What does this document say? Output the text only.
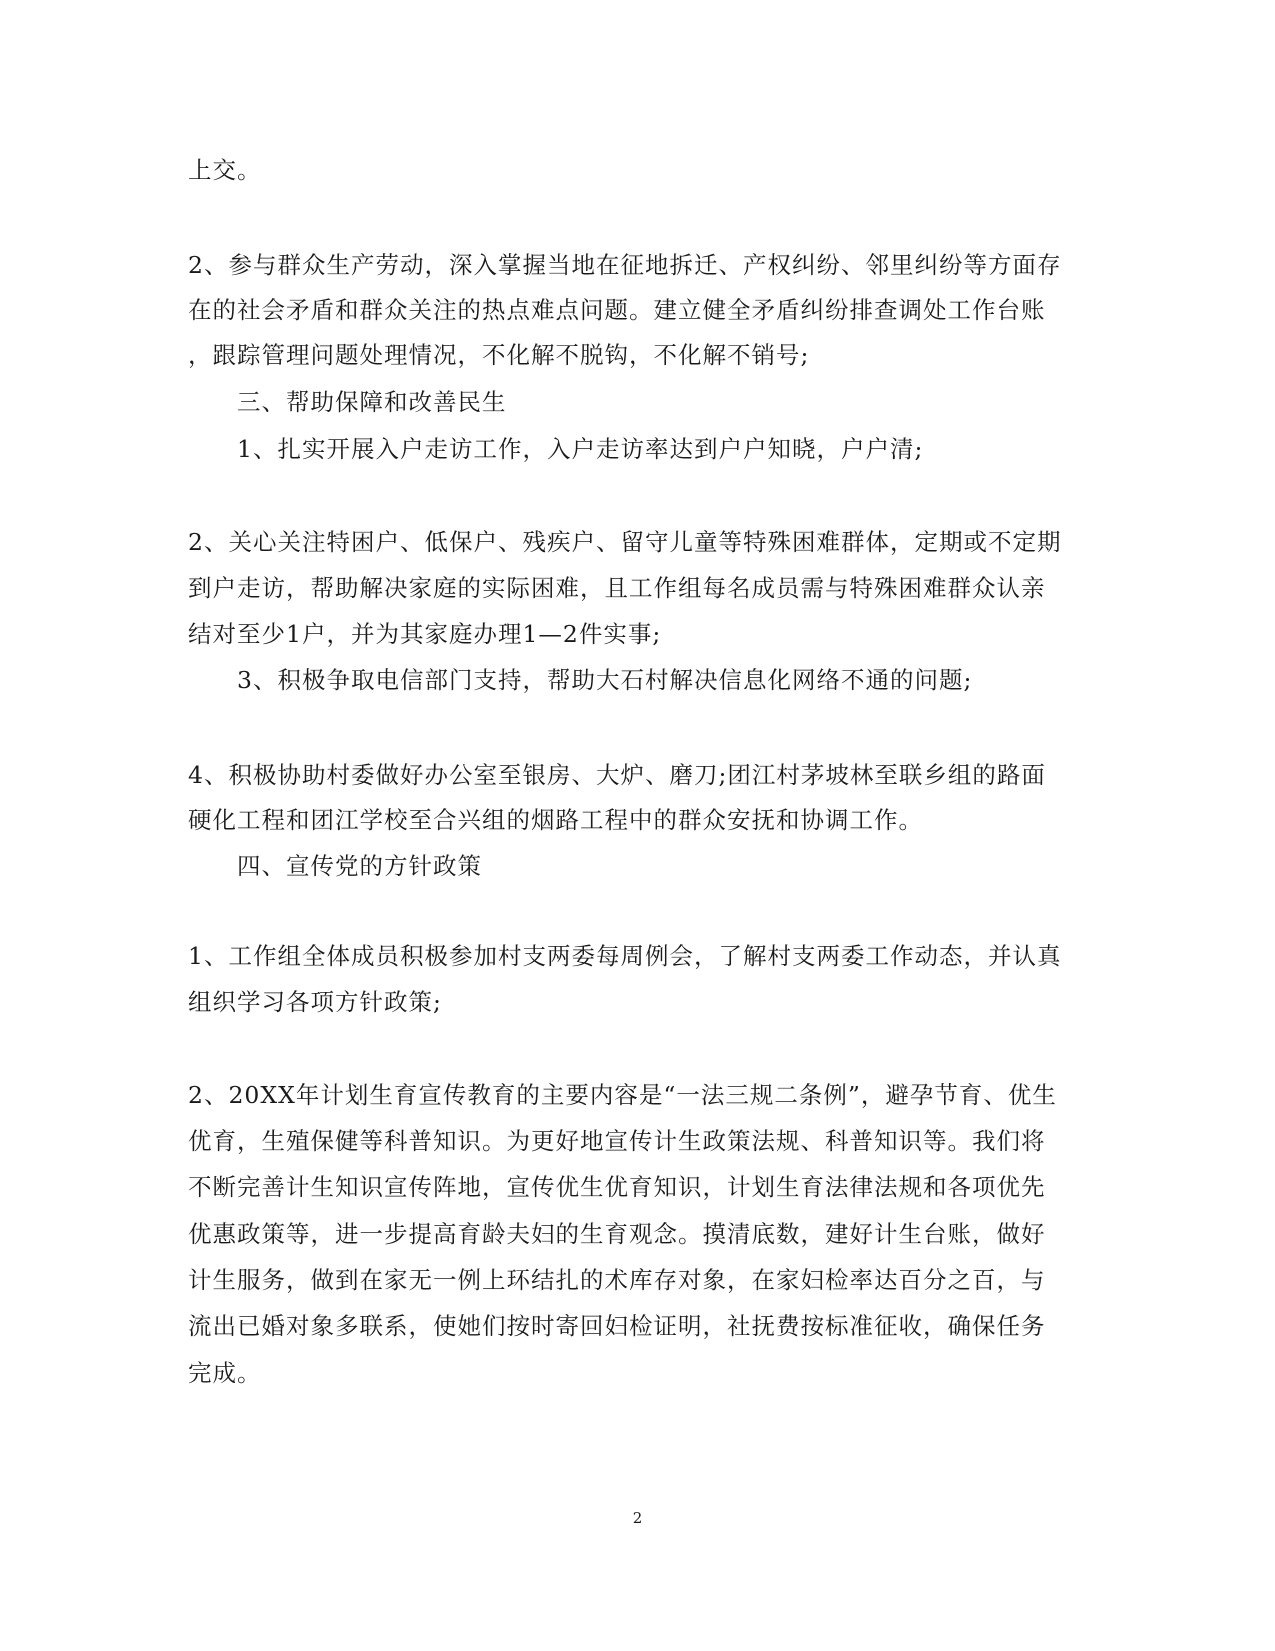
上交。
2、参与群众生产劳动，深入掌握当地在征地拆迁、产权纠纷、邻里纠纷等方面存
在的社会矛盾和群众关注的热点难点问题。建立健全矛盾纠纷排查调处工作台账
，跟踪管理问题处理情况，不化解不脱钩，不化解不销号;
三、帮助保障和改善民生
1、扎实开展入户走访工作，入户走访率达到户户知晓，户户清;
2、关心关注特困户、低保户、残疾户、留守儿童等特殊困难群体，定期或不定期
到户走访，帮助解决家庭的实际困难，且工作组每名成员需与特殊困难群众认亲
结对至少1户，并为其家庭办理1—2件实事;
3、积极争取电信部门支持，帮助大石村解决信息化网络不通的问题;
4、积极协助村委做好办公室至银房、大炉、磨刀;团江村茅坡林至联乡组的路面
硬化工程和团江学校至合兴组的烟路工程中的群众安抚和协调工作。
四、宣传党的方针政策
1、工作组全体成员积极参加村支两委每周例会，了解村支两委工作动态，并认真
组织学习各项方针政策;
2、20XX年计划生育宣传教育的主要内容是“一法三规二条例”，避孕节育、优生
优育，生殖保健等科普知识。为更好地宣传计生政策法规、科普知识等。我们将
不断完善计生知识宣传阵地，宣传优生优育知识，计划生育法律法规和各项优先
优惠政策等，进一步提高育龄夫妇的生育观念。摸清底数，建好计生台账，做好
计生服务，做到在家无一例上环结扎的术库存对象，在家妇检率达百分之百，与
流出已婚对象多联系，使她们按时寄回妇检证明，社抚费按标准征收，确保任务
完成。
2
